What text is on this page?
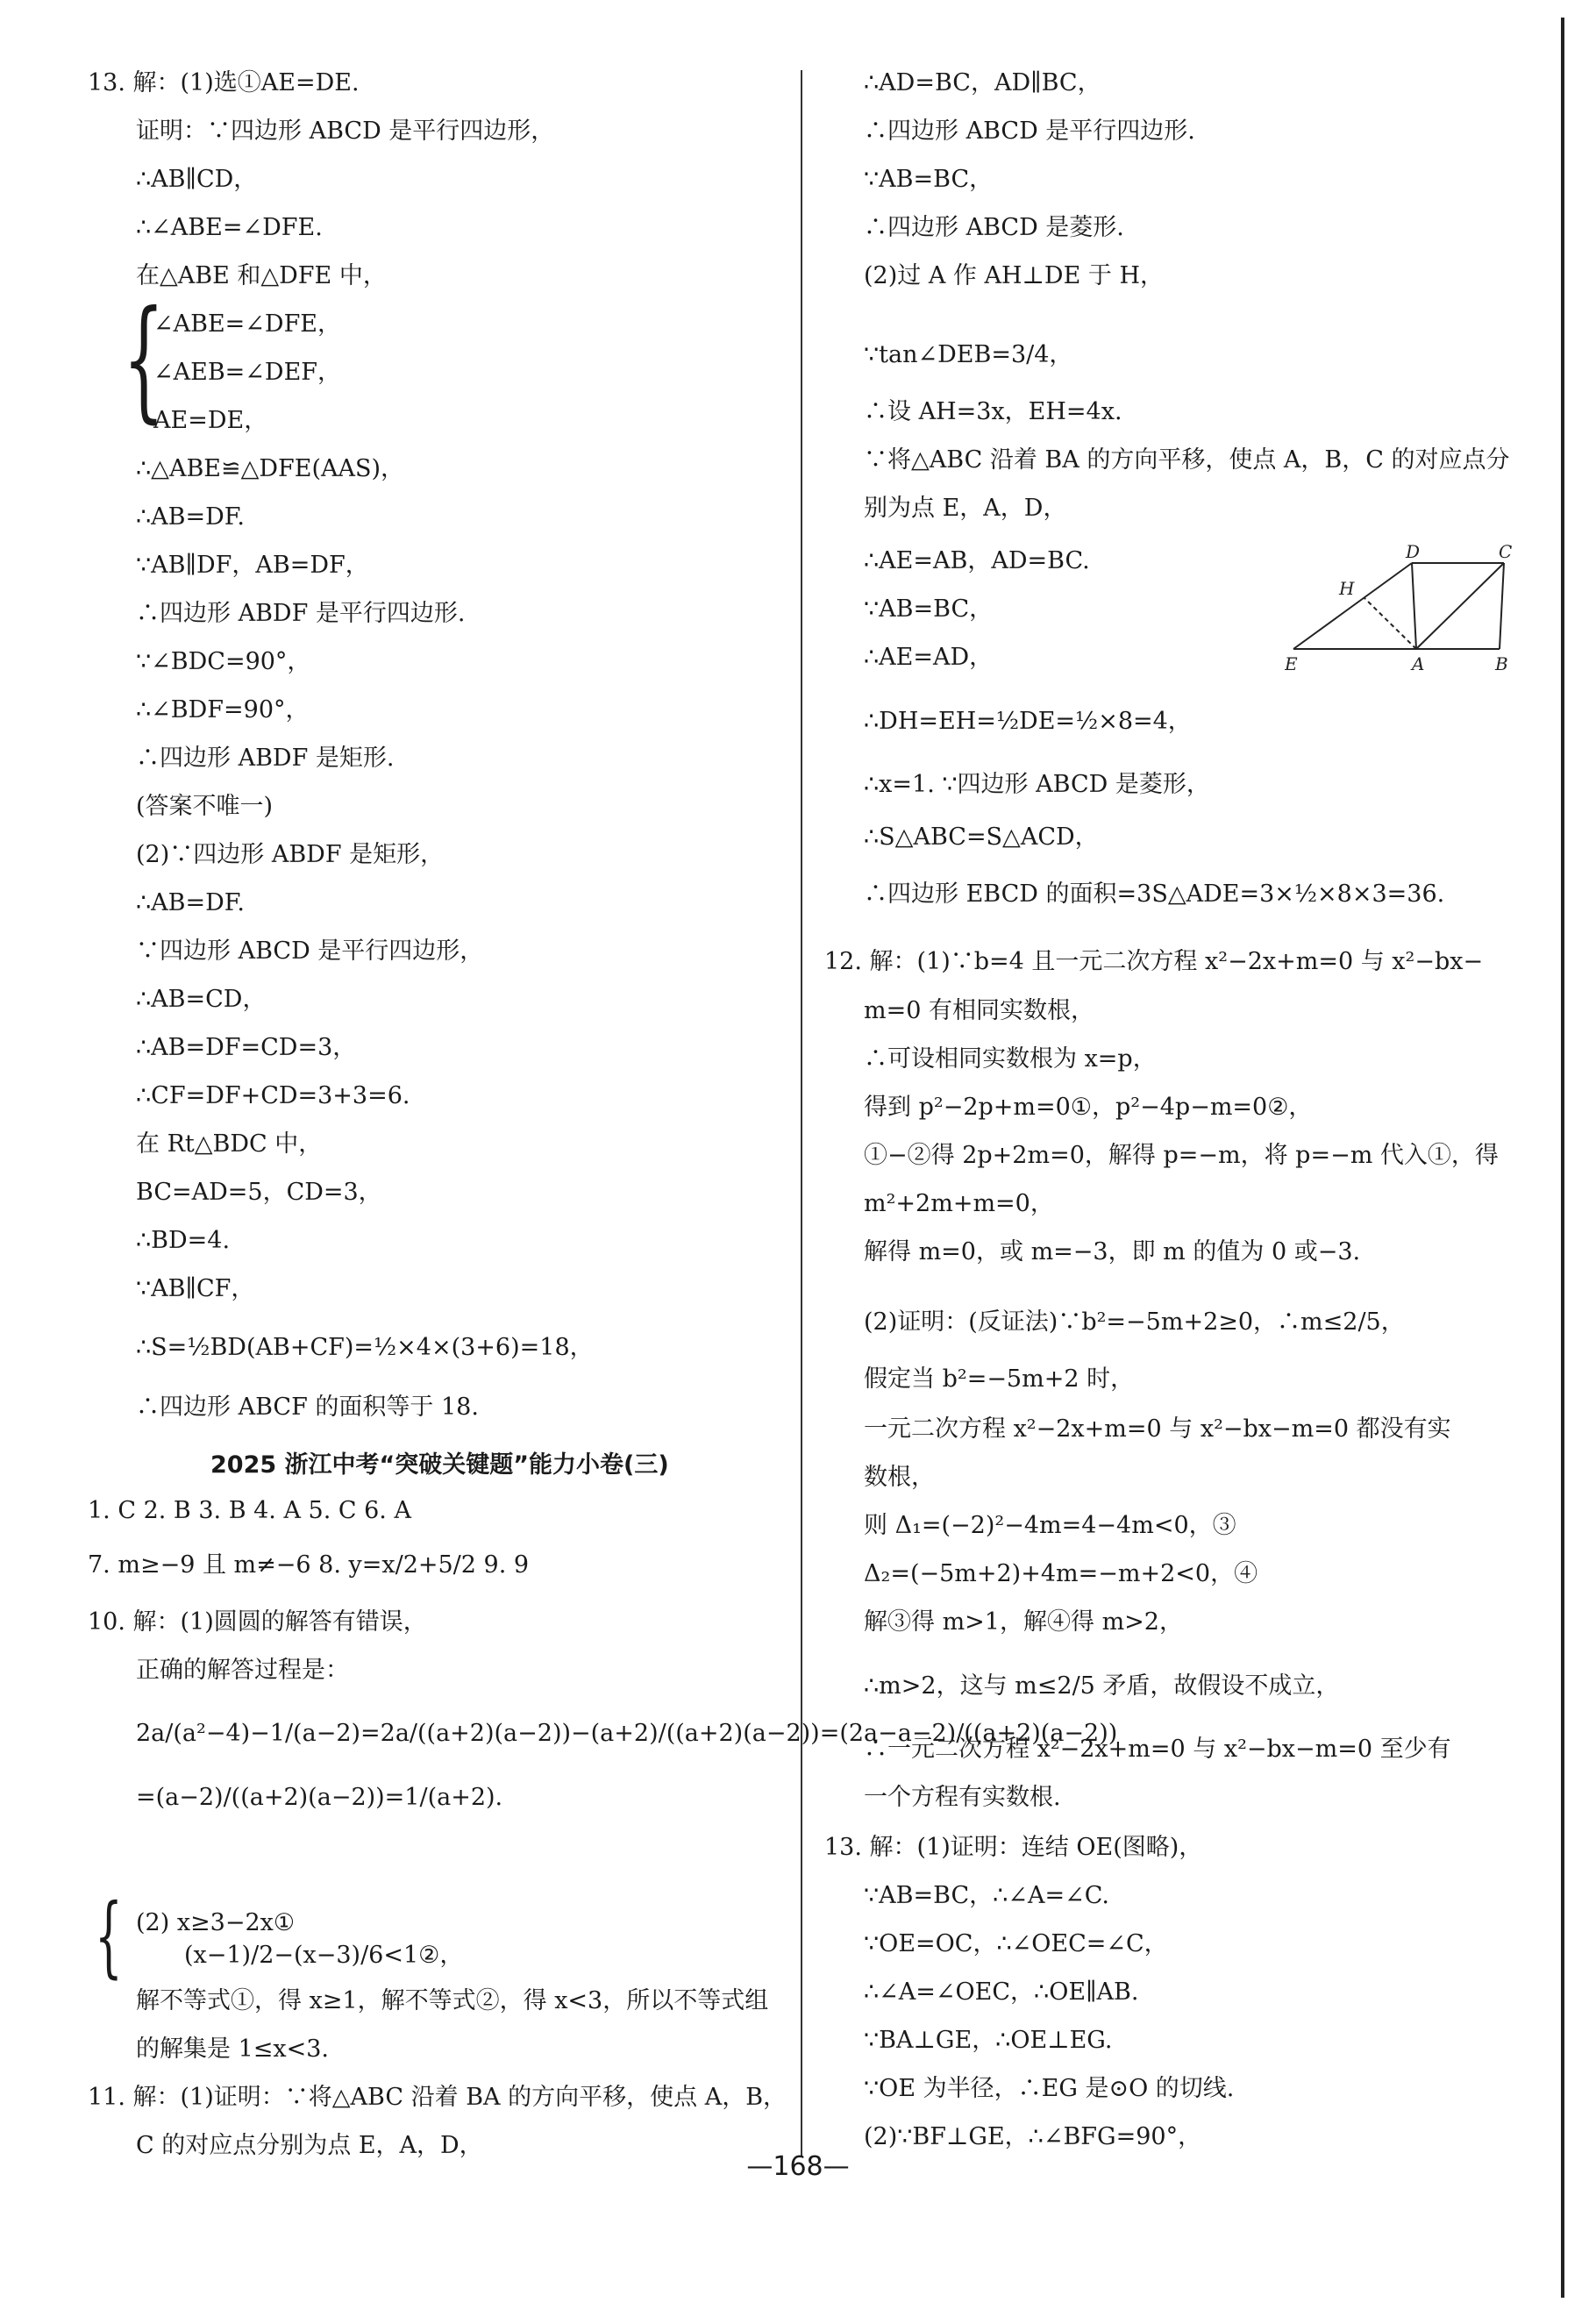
13. 解：(1)选①AE=DE.
证明：∵四边形 ABCD 是平行四边形，
∴AB∥CD，
∴∠ABE=∠DFE.
在△ABE 和△DFE 中，
∠ABE=∠DFE，
∠AEB=∠DEF，
AE=DE，
∴△ABE≌△DFE(AAS)，
∴AB=DF.
∵AB∥DF，AB=DF，
∴四边形 ABDF 是平行四边形.
∵∠BDC=90°，
∴∠BDF=90°，
∴四边形 ABDF 是矩形.
(答案不唯一)
(2)∵四边形 ABDF 是矩形，
∴AB=DF.
∵四边形 ABCD 是平行四边形，
∴AB=CD，
∴AB=DF=CD=3，
∴CF=DF+CD=3+3=6.
在 Rt△BDC 中，
BC=AD=5，CD=3，
∴BD=4.
∵AB∥CF，
∴S=½BD(AB+CF)=½×4×(3+6)=18，
∴四边形 ABCF 的面积等于 18.
2025 浙江中考“突破关键题”能力小卷(三)
1. C 2. B 3. B 4. A 5. C 6. A
7. m≥−9 且 m≠−6 8. y=x/2+5/2 9. 9
10. 解：(1)圆圆的解答有错误，
正确的解答过程是：
2a/(a²−4)−1/(a−2)=2a/((a+2)(a−2))−(a+2)/((a+2)(a−2))=(2a−a−2)/((a+2)(a−2))
=(a−2)/((a+2)(a−2))=1/(a+2).
(2) x≥3−2x①
(x−1)/2−(x−3)/6<1②，
解不等式①，得 x≥1，解不等式②，得 x<3，所以不等式组
的解集是 1≤x<3.
11. 解：(1)证明：∵将△ABC 沿着 BA 的方向平移，使点 A，B，
C 的对应点分别为点 E，A，D，
{
{
∴AD=BC，AD∥BC，
∴四边形 ABCD 是平行四边形.
∵AB=BC，
∴四边形 ABCD 是菱形.
(2)过 A 作 AH⊥DE 于 H，
∵tan∠DEB=3/4，
∴设 AH=3x，EH=4x.
∵将△ABC 沿着 BA 的方向平移，使点 A，B，C 的对应点分
别为点 E，A，D，
∴AE=AB，AD=BC.
∵AB=BC，
∴AE=AD，
∴DH=EH=½DE=½×8=4，
∴x=1. ∵四边形 ABCD 是菱形，
∴S△ABC=S△ACD，
∴四边形 EBCD 的面积=3S△ADE=3×½×8×3=36.
12. 解：(1)∵b=4 且一元二次方程 x²−2x+m=0 与 x²−bx−
m=0 有相同实数根，
∴可设相同实数根为 x=p，
得到 p²−2p+m=0①，p²−4p−m=0②，
①−②得 2p+2m=0，解得 p=−m，将 p=−m 代入①，得
m²+2m+m=0，
解得 m=0，或 m=−3，即 m 的值为 0 或−3.
(2)证明：(反证法)∵b²=−5m+2≥0，∴m≤2/5，
假定当 b²=−5m+2 时，
一元二次方程 x²−2x+m=0 与 x²−bx−m=0 都没有实
数根，
则 Δ₁=(−2)²−4m=4−4m<0，③
Δ₂=(−5m+2)+4m=−m+2<0，④
解③得 m>1，解④得 m>2，
∴m>2，这与 m≤2/5 矛盾，故假设不成立，
∴一元二次方程 x²−2x+m=0 与 x²−bx−m=0 至少有
一个方程有实数根.
13. 解：(1)证明：连结 OE(图略)，
∵AB=BC，∴∠A=∠C.
∵OE=OC，∴∠OEC=∠C，
∴∠A=∠OEC，∴OE∥AB.
∵BA⊥GE，∴OE⊥EG.
∵OE 为半径，∴EG 是⊙O 的切线.
(2)∵BF⊥GE，∴∠BFG=90°，
D	C
H
E	A	B
—168—
